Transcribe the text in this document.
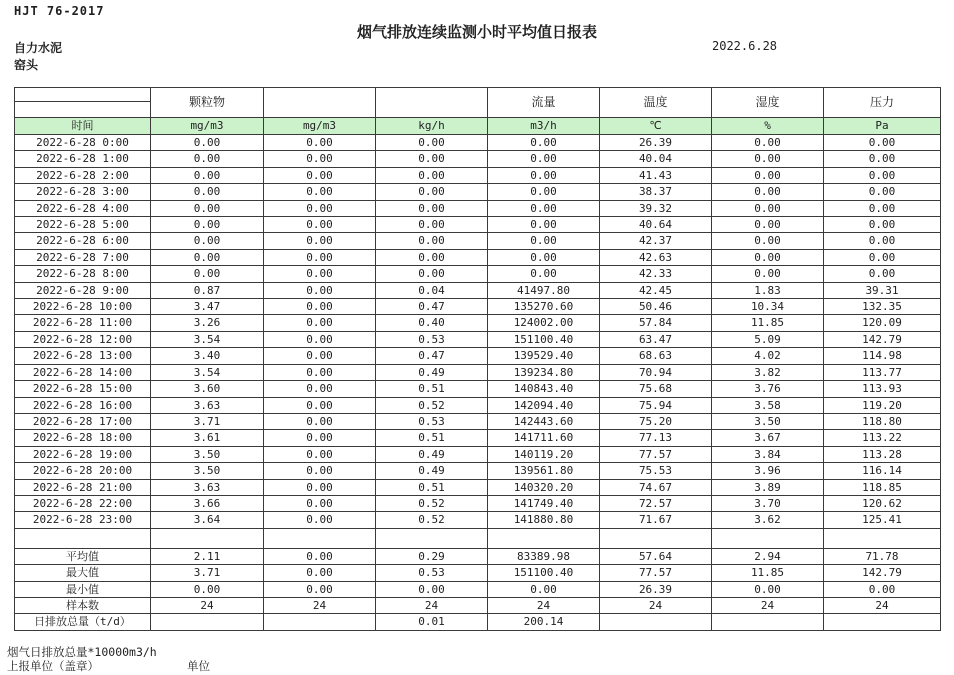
HJT 76-2017
烟气排放连续监测小时平均值日报表
2022.6.28
自力水泥
窑头
	颗粒物			流量	温度	湿度	压力

时间	mg/m3	mg/m3	kg/h	m3/h	℃	%	Pa
2022-6-28 0:00	0.00	0.00	0.00	0.00	26.39	0.00	0.00
2022-6-28 1:00	0.00	0.00	0.00	0.00	40.04	0.00	0.00
2022-6-28 2:00	0.00	0.00	0.00	0.00	41.43	0.00	0.00
2022-6-28 3:00	0.00	0.00	0.00	0.00	38.37	0.00	0.00
2022-6-28 4:00	0.00	0.00	0.00	0.00	39.32	0.00	0.00
2022-6-28 5:00	0.00	0.00	0.00	0.00	40.64	0.00	0.00
2022-6-28 6:00	0.00	0.00	0.00	0.00	42.37	0.00	0.00
2022-6-28 7:00	0.00	0.00	0.00	0.00	42.63	0.00	0.00
2022-6-28 8:00	0.00	0.00	0.00	0.00	42.33	0.00	0.00
2022-6-28 9:00	0.87	0.00	0.04	41497.80	42.45	1.83	39.31
2022-6-28 10:00	3.47	0.00	0.47	135270.60	50.46	10.34	132.35
2022-6-28 11:00	3.26	0.00	0.40	124002.00	57.84	11.85	120.09
2022-6-28 12:00	3.54	0.00	0.53	151100.40	63.47	5.09	142.79
2022-6-28 13:00	3.40	0.00	0.47	139529.40	68.63	4.02	114.98
2022-6-28 14:00	3.54	0.00	0.49	139234.80	70.94	3.82	113.77
2022-6-28 15:00	3.60	0.00	0.51	140843.40	75.68	3.76	113.93
2022-6-28 16:00	3.63	0.00	0.52	142094.40	75.94	3.58	119.20
2022-6-28 17:00	3.71	0.00	0.53	142443.60	75.20	3.50	118.80
2022-6-28 18:00	3.61	0.00	0.51	141711.60	77.13	3.67	113.22
2022-6-28 19:00	3.50	0.00	0.49	140119.20	77.57	3.84	113.28
2022-6-28 20:00	3.50	0.00	0.49	139561.80	75.53	3.96	116.14
2022-6-28 21:00	3.63	0.00	0.51	140320.20	74.67	3.89	118.85
2022-6-28 22:00	3.66	0.00	0.52	141749.40	72.57	3.70	120.62
2022-6-28 23:00	3.64	0.00	0.52	141880.80	71.67	3.62	125.41

平均值	2.11	0.00	0.29	83389.98	57.64	2.94	71.78
最大值	3.71	0.00	0.53	151100.40	77.57	11.85	142.79
最小值	0.00	0.00	0.00	0.00	26.39	0.00	0.00
样本数	24	24	24	24	24	24	24
日排放总量（t/d）			0.01	200.14			
烟气日排放总量*10000m3/h
上报单位（盖章）	单位
